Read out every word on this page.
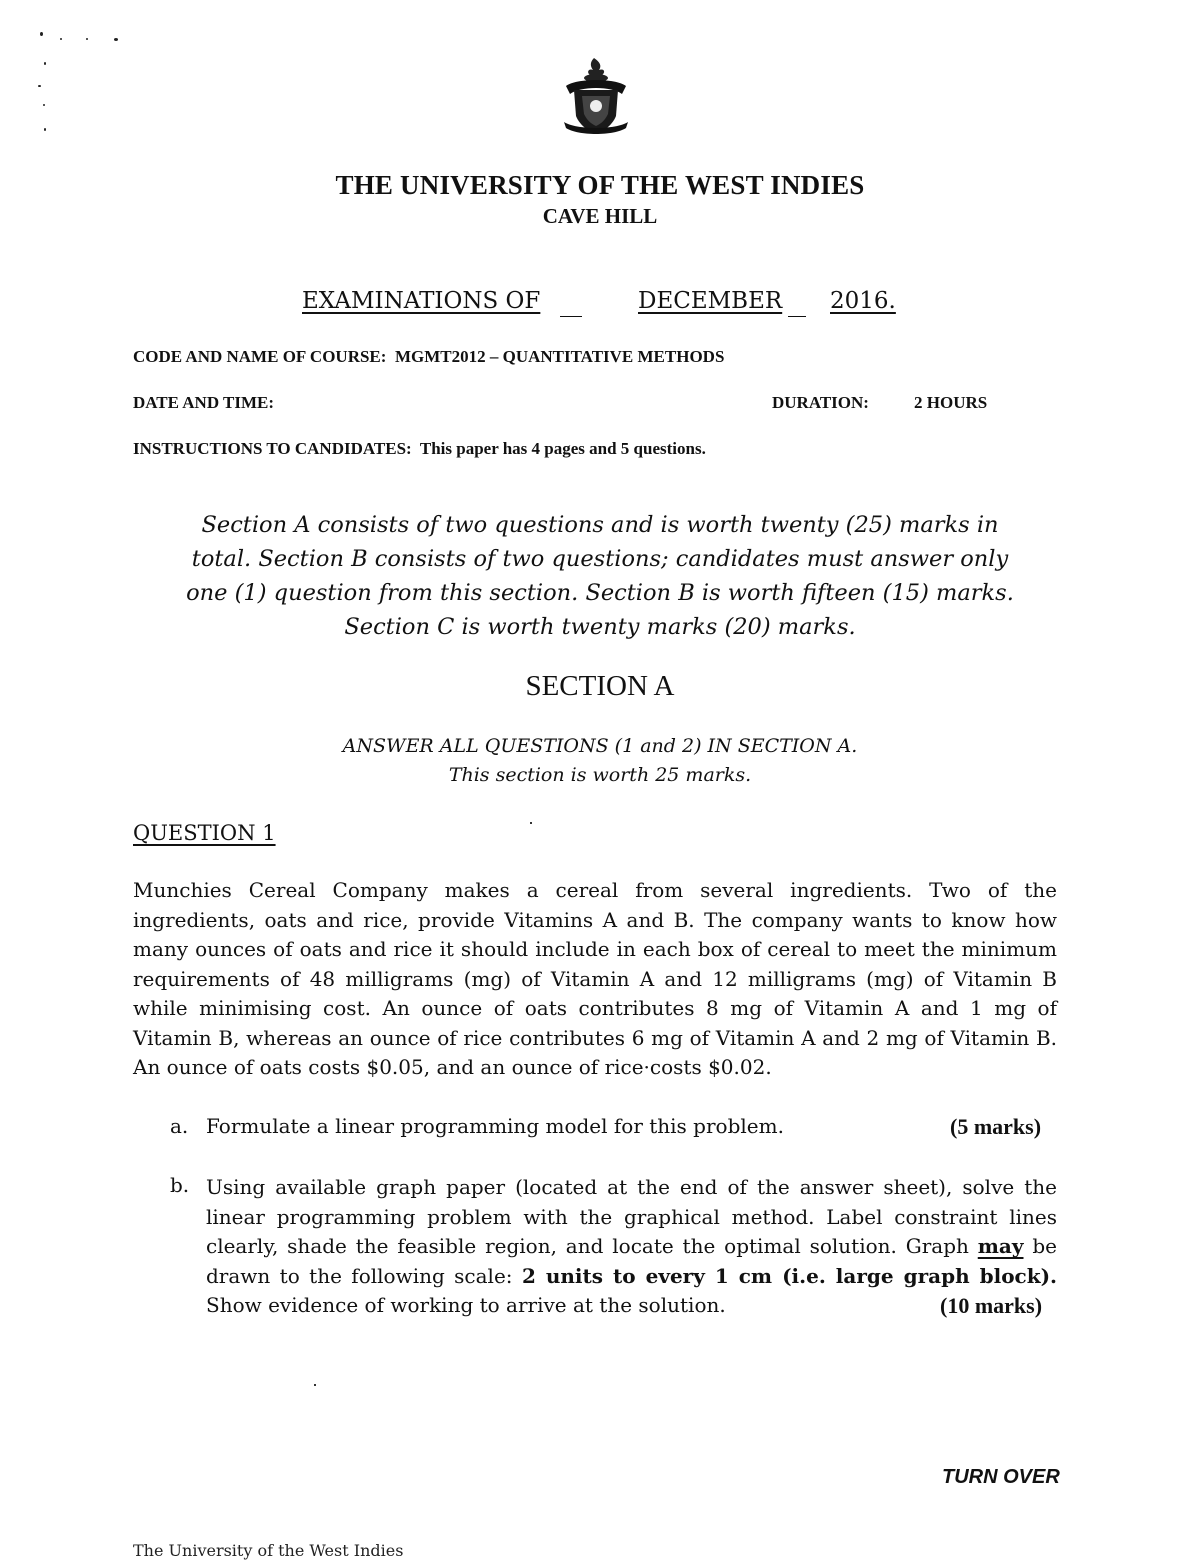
THE UNIVERSITY OF THE WEST INDIES
CAVE HILL
EXAMINATIONS OF	DECEMBER 2016.
CODE AND NAME OF COURSE: MGMT2012 – QUANTITATIVE METHODS
DATE AND TIME:	DURATION:	2 HOURS
INSTRUCTIONS TO CANDIDATES: This paper has 4 pages and 5 questions.
Section A consists of two questions and is worth twenty (25) marks in
total. Section B consists of two questions; candidates must answer only
one (1) question from this section. Section B is worth fifteen (15) marks.
Section C is worth twenty marks (20) marks.
SECTION A
ANSWER ALL QUESTIONS (1 and 2) IN SECTION A.
This section is worth 25 marks.
QUESTION 1
Munchies Cereal Company makes a cereal from several ingredients. Two of the ingredients, oats and rice, provide Vitamins A and B. The company wants to know how many ounces of oats and rice it should include in each box of cereal to meet the minimum requirements of 48 milligrams (mg) of Vitamin A and 12 milligrams (mg) of Vitamin B while minimising cost. An ounce of oats contributes 8 mg of Vitamin A and 1 mg of Vitamin B, whereas an ounce of rice contributes 6 mg of Vitamin A and 2 mg of Vitamin B. An ounce of oats costs $0.05, and an ounce of rice·costs $0.02.
a. Formulate a linear programming model for this problem.	(5 marks)
b. Using available graph paper (located at the end of the answer sheet), solve the linear programming problem with the graphical method. Label constraint lines clearly, shade the feasible region, and locate the optimal solution. Graph may be drawn to the following scale: 2 units to every 1 cm (i.e. large graph block). Show evidence of working to arrive at the solution.	(10 marks)
TURN OVER
The University of the West Indies
